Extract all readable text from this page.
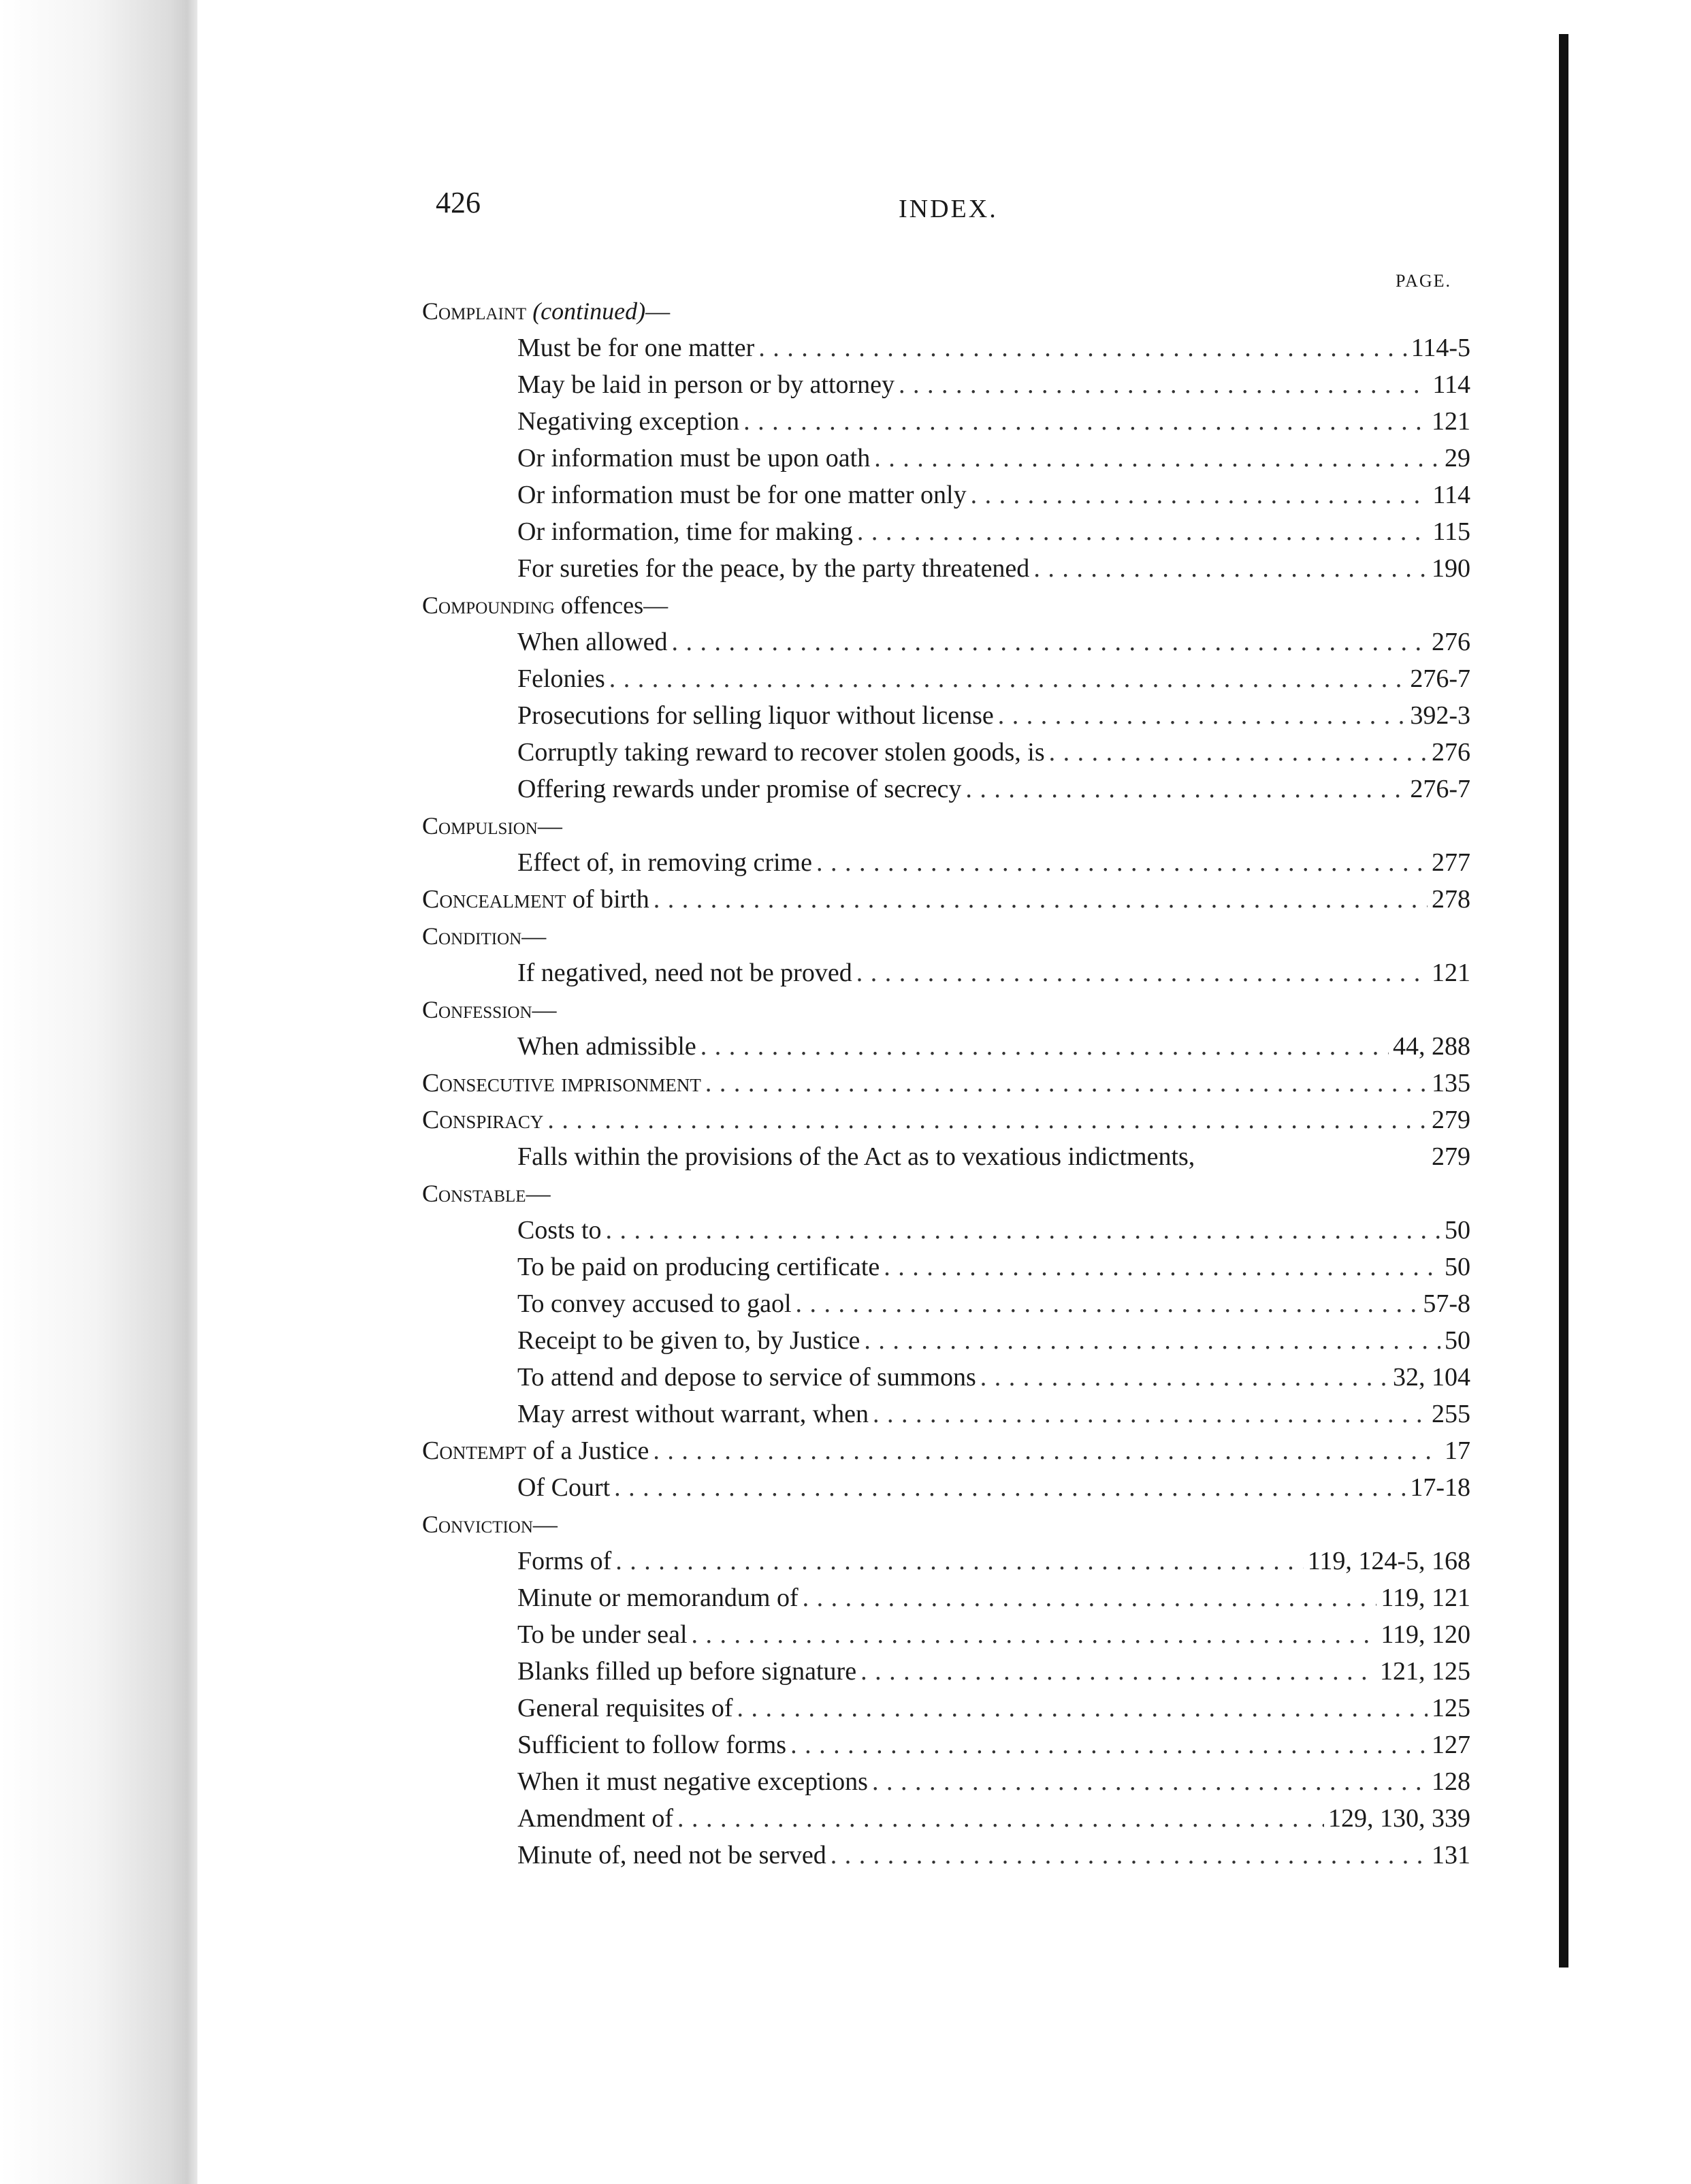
426	INDEX.
PAGE.
Complaint (continued)—
Must be for one matter . . .	114-5
May be laid in person or by attorney . . .	114
Negativing exception . . .	121
Or information must be upon oath . . .	29
Or information must be for one matter only . . .	114
Or information, time for making . . .	115
For sureties for the peace, by the party threatened . . .	190
Compounding offences—
When allowed . . .	276
Felonies . . .	276-7
Prosecutions for selling liquor without license . . .	392-3
Corruptly taking reward to recover stolen goods, is . . .	276
Offering rewards under promise of secrecy . . .	276-7
Compulsion—
Effect of, in removing crime . . .	277
Concealment of birth . . .	278
Condition—
If negatived, need not be proved . . .	121
Confession—
When admissible . . .	44, 288
Consecutive imprisonment . . .	135
Conspiracy . . .	279
Falls within the provisions of the Act as to vexatious indictments,	279
Constable—
Costs to . . .	50
To be paid on producing certificate . . .	50
To convey accused to gaol . . .	57-8
Receipt to be given to, by Justice . . .	50
To attend and depose to service of summons . . .	32, 104
May arrest without warrant, when . . .	255
Contempt of a Justice . . .	17
Of Court . . .	17-18
Conviction—
Forms of . . .	119, 124-5, 168
Minute or memorandum of . . .	119, 121
To be under seal . . .	119, 120
Blanks filled up before signature . . .	121, 125
General requisites of . . .	125
Sufficient to follow forms . . .	127
When it must negative exceptions . . .	128
Amendment of . . .	129, 130, 339
Minute of, need not be served . . .	131
